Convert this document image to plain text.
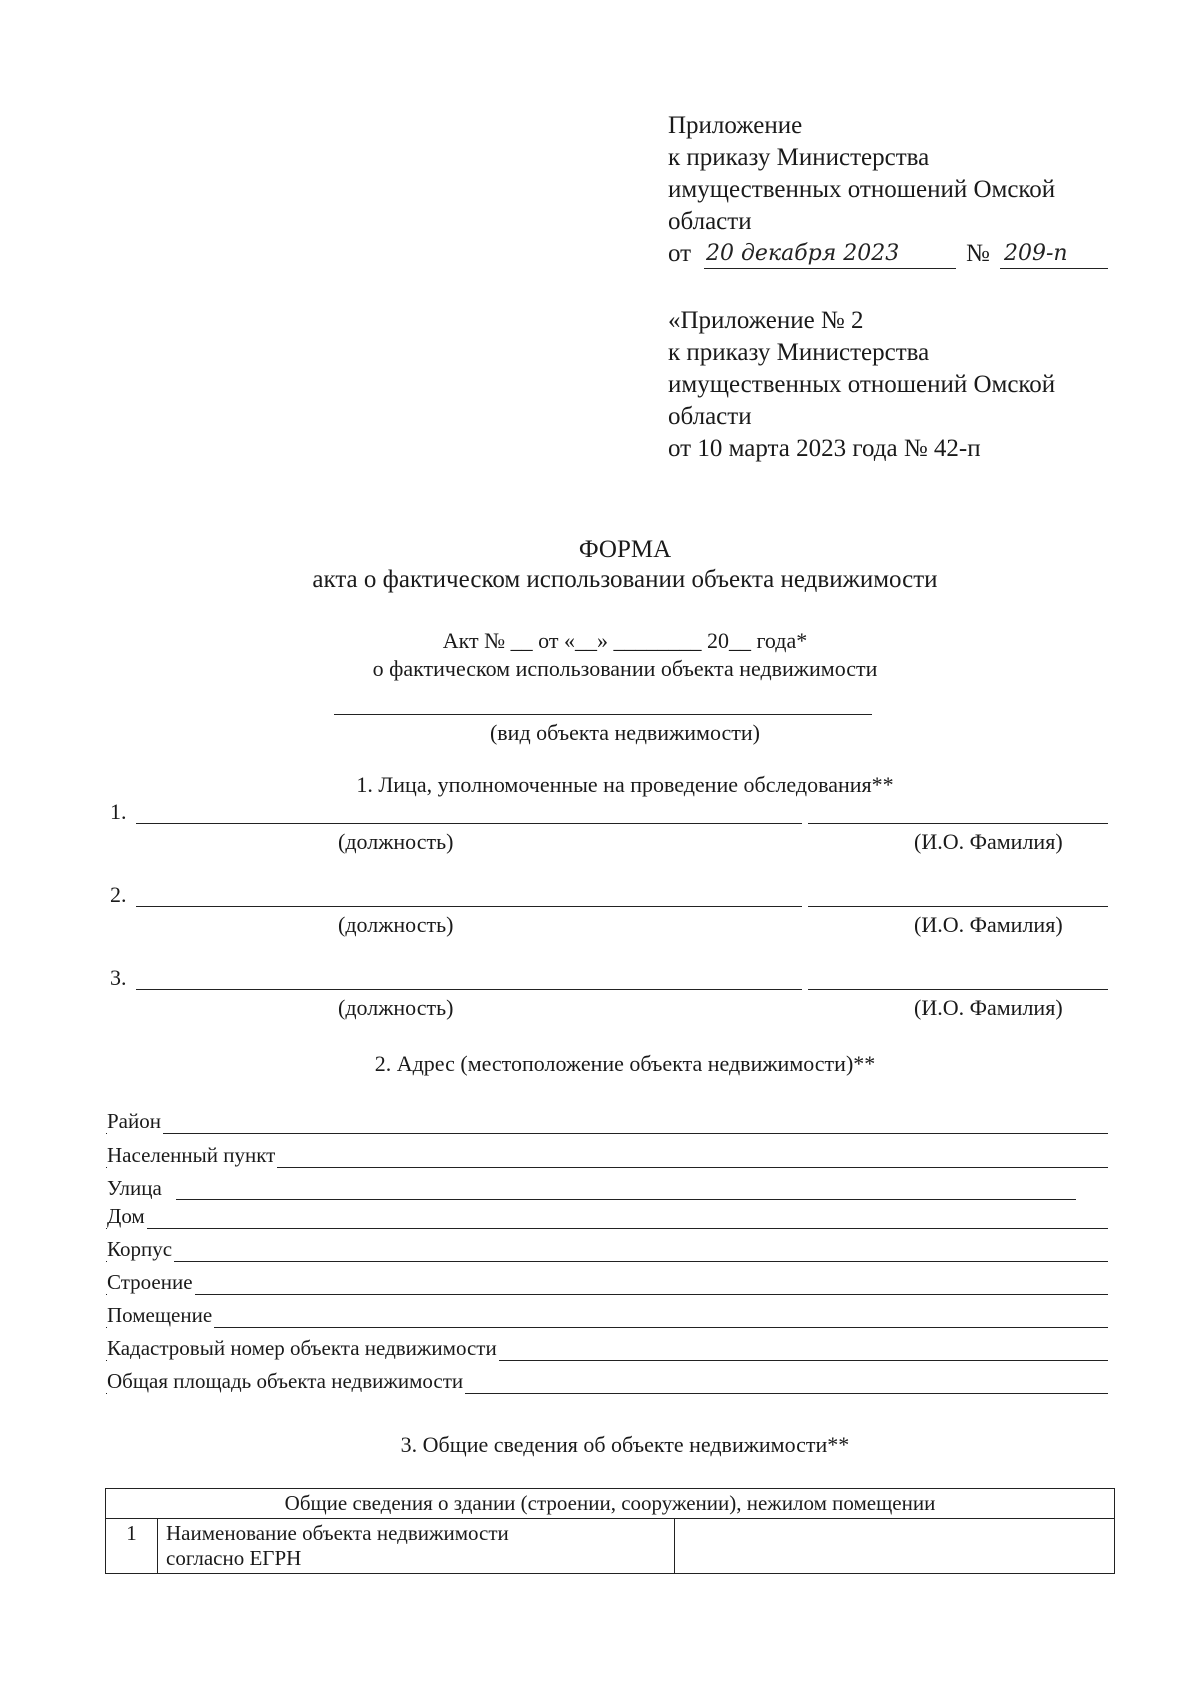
Приложение
к приказу Министерства
имущественных отношений Омской
области
от 20 декабря 2023	№ 209-п
«Приложение № 2
к приказу Министерства
имущественных отношений Омской
области
от 10 марта 2023 года № 42-п
ФОРМА
акта о фактическом использовании объекта недвижимости
Акт № __ от «__» ________ 20__ года*
о фактическом использовании объекта недвижимости
(вид объекта недвижимости)
1. Лица, уполномоченные на проведение обследования**
1.
(должность)	(И.О. Фамилия)
2.
(должность)	(И.О. Фамилия)
3.
(должность)	(И.О. Фамилия)
2. Адрес (местоположение объекта недвижимости)**
Район
Населенный пункт
Улица
Дом
Корпус
Строение
Помещение
Кадастровый номер объекта недвижимости
Общая площадь объекта недвижимости
3. Общие сведения об объекте недвижимости**
Общие сведения о здании (строении, сооружении), нежилом помещении
1	Наименование объекта недвижимости
согласно ЕГРН
